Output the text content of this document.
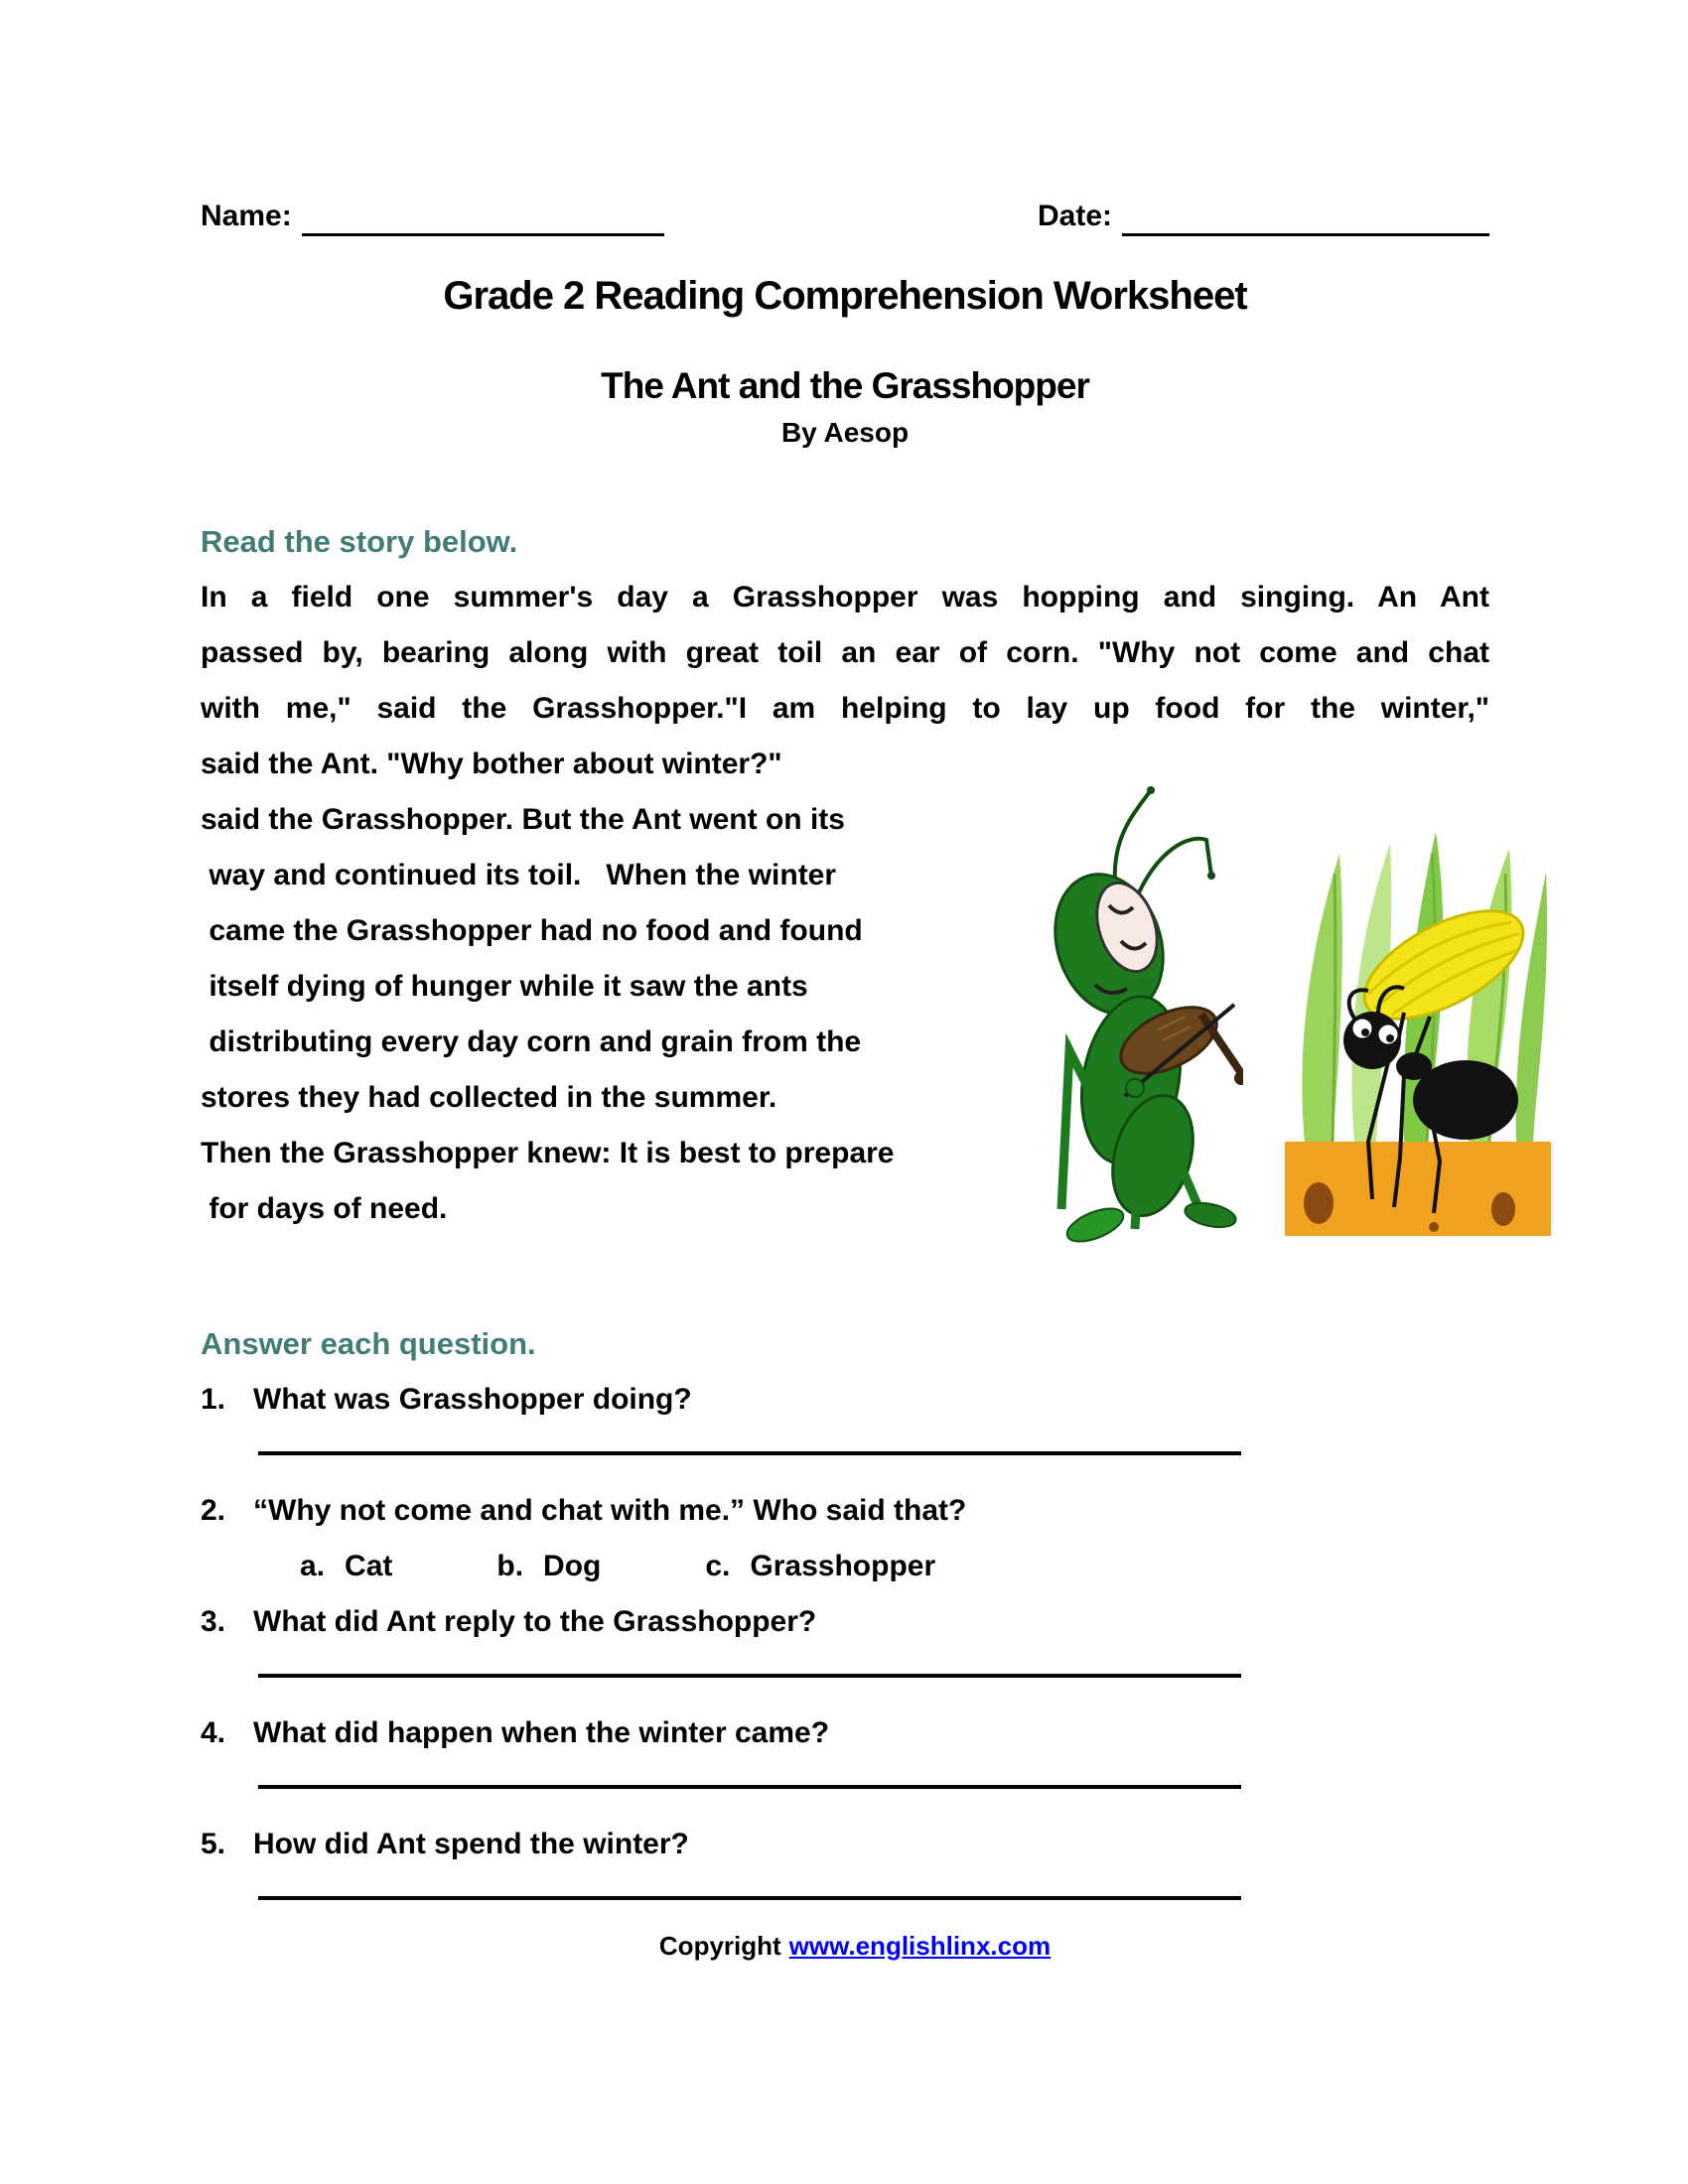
Name:	Date:
Grade 2 Reading Comprehension Worksheet
The Ant and the Grasshopper
By Aesop
Read the story below.
In a field one summer's day a Grasshopper was hopping and singing. An Ant
passed by, bearing along with great toil an ear of corn. "Why not come and chat
with me," said the Grasshopper."I am helping to lay up food for the winter,"
said the Ant. "Why bother about winter?"
said the Grasshopper. But the Ant went on its
way and continued its toil.   When the winter
came the Grasshopper had no food and found
itself dying of hunger while it saw the ants
distributing every day corn and grain from the
stores they had collected in the summer.
Then the Grasshopper knew: It is best to prepare
for days of need.
Answer each question.
1. What was Grasshopper doing?
2. “Why not come and chat with me.” Who said that?
a. Cat	b. Dog	c. Grasshopper
3. What did Ant reply to the Grasshopper?
4. What did happen when the winter came?
5. How did Ant spend the winter?
Copyright www.englishlinx.com
